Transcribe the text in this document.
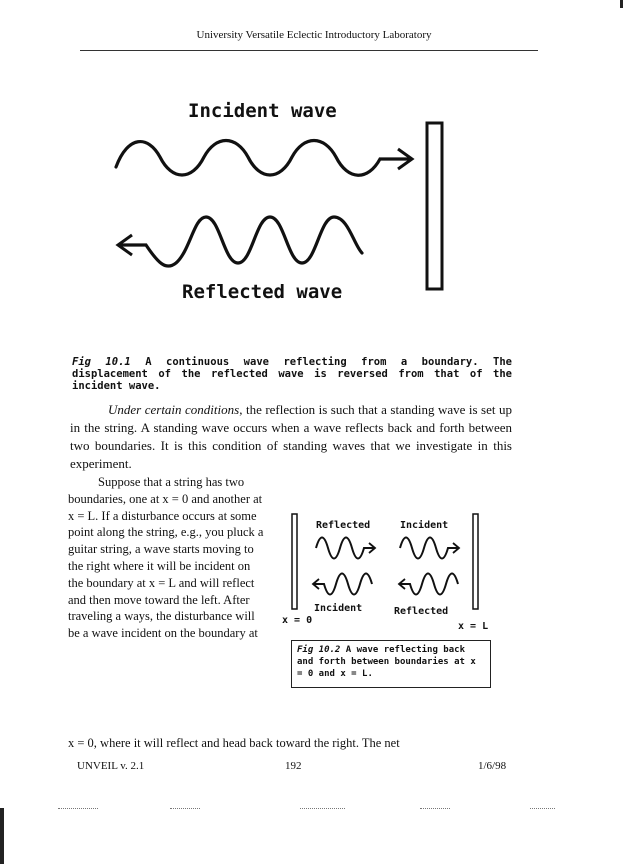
University Versatile Eclectic Introductory Laboratory
Incident wave
Reflected wave
Fig 10.1 A continuous wave reflecting from a boundary. The displacement of the reflected wave is reversed from that of the incident wave.
Under certain conditions, the reflection is such that a standing wave is set up in the string. A standing wave occurs when a wave reflects back and forth between two boundaries. It is this condition of standing waves that we investigate in this experiment.
Suppose that a string has two boundaries, one at x = 0 and another at x = L. If a disturbance occurs at some point along the string, e.g., you pluck a guitar string, a wave starts moving to the right where it will be incident on the boundary at x = L and will reflect and then move toward the left. After traveling a ways, the disturbance will be a wave incident on the boundary at
x = 0, where it will reflect and head back toward the right. The net
Reflected	Incident
Incident	Reflected
x = 0
x = L
Fig 10.2 A wave reflecting back and forth between boundaries at x = 0 and x = L.
UNVEIL v. 2.1	192	1/6/98
